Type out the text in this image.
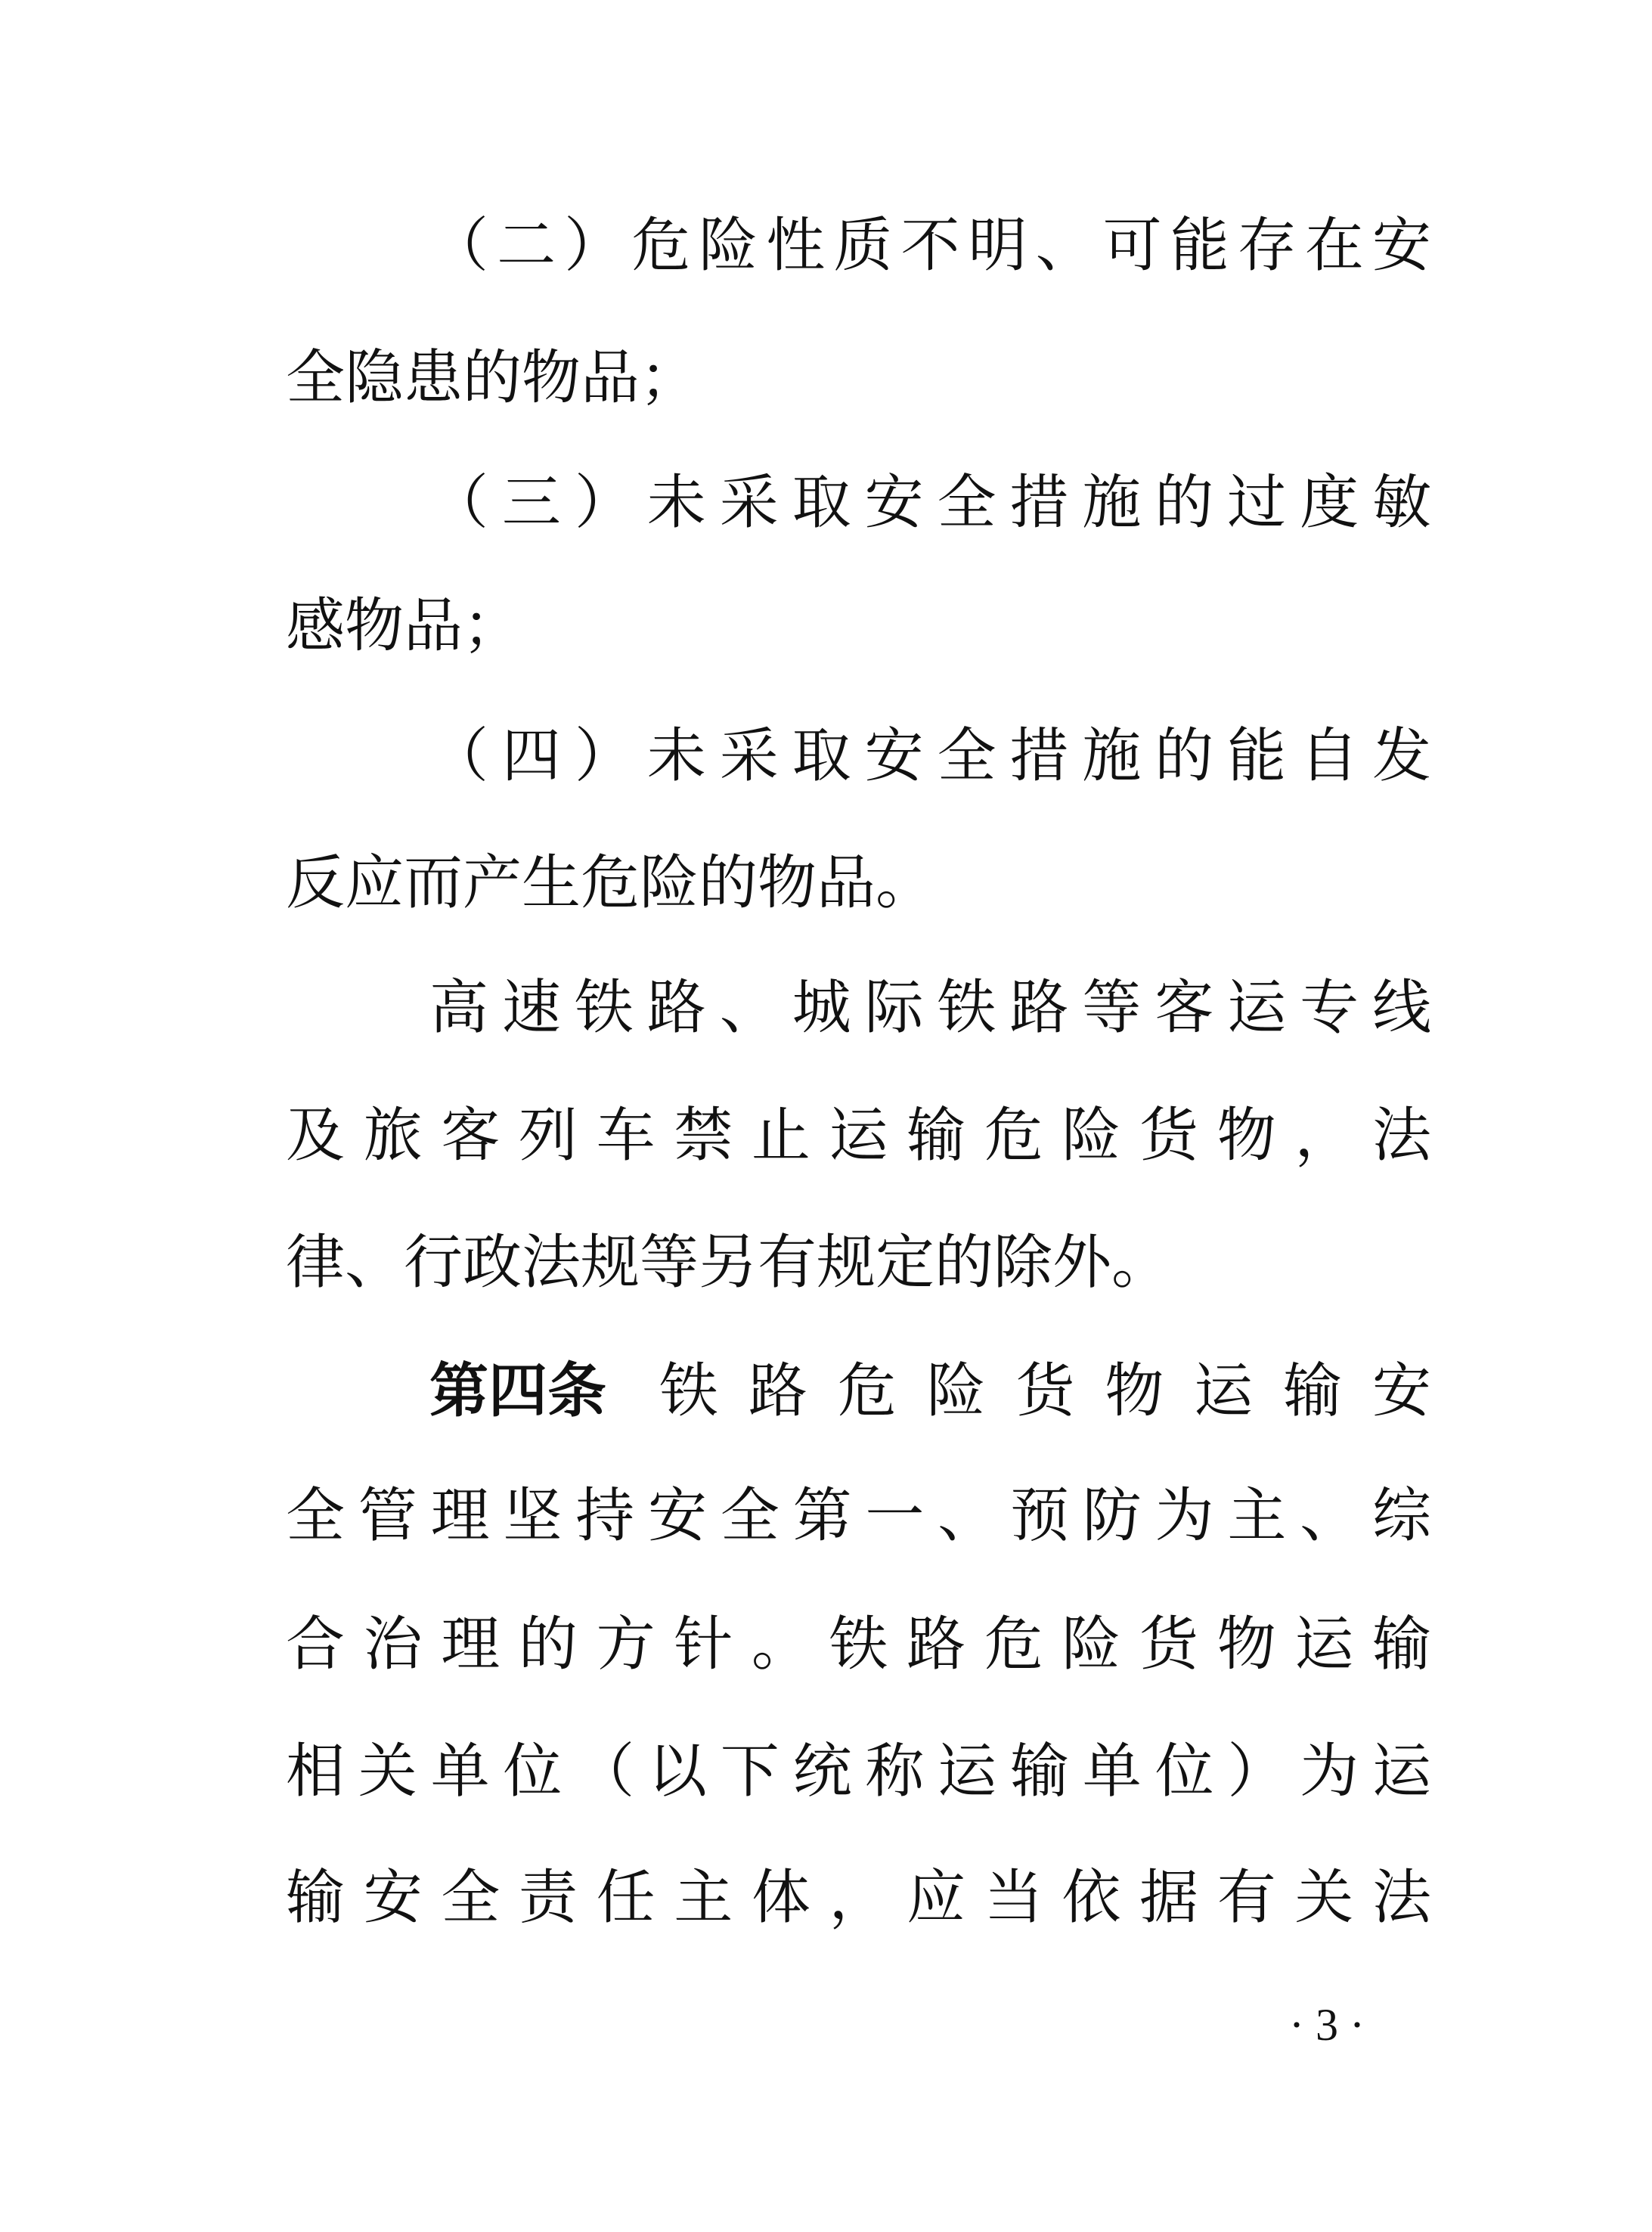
（ 二 ） 危 险 性 质 不 明 、 可 能 存 在 安
全隐患的物品；
（ 三 ） 未 采 取 安 全 措 施 的 过 度 敏
感物品；
（ 四 ） 未 采 取 安 全 措 施 的 能 自 发
反应而产生危险的物品。
高 速 铁 路 、 城 际 铁 路 等 客 运 专 线
及 旅 客 列 车 禁 止 运 输 危 险 货 物 ， 法
律、行政法规等另有规定的除外。
第四条 铁 路 危 险 货 物 运 输 安
全 管 理 坚 持 安 全 第 一 、 预 防 为 主 、 综
合 治 理 的 方 针 。 铁 路 危 险 货 物 运 输
相 关 单 位 （ 以 下 统 称 运 输 单 位 ） 为 运
输 安 全 责 任 主 体 ， 应 当 依 据 有 关 法
· 3 ·
